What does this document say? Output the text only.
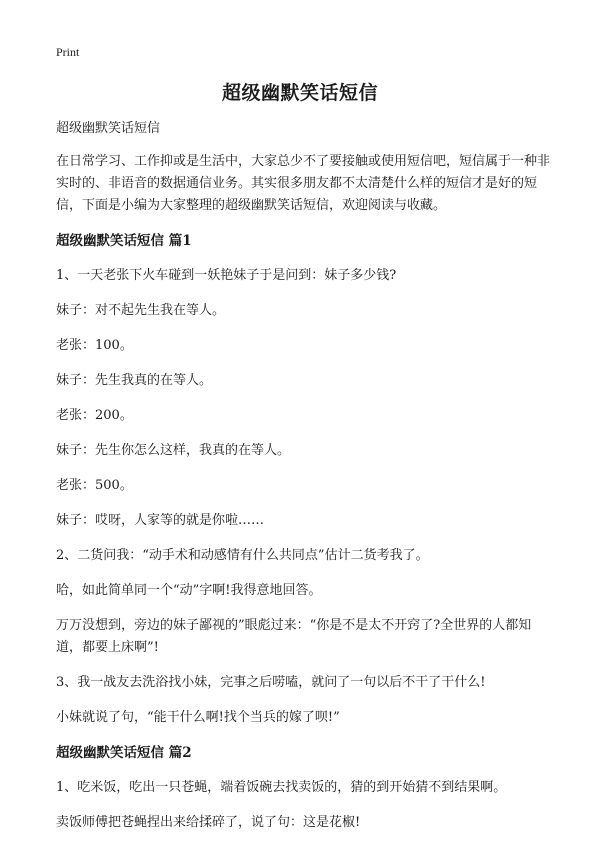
Print
超级幽默笑话短信
超级幽默笑话短信
在日常学习、工作抑或是生活中，大家总少不了要接触或使用短信吧，短信属于一种非实时的、非语音的数据通信业务。其实很多朋友都不太清楚什么样的短信才是好的短信，下面是小编为大家整理的超级幽默笑话短信，欢迎阅读与收藏。
超级幽默笑话短信 篇1
1、一天老张下火车碰到一妖艳妹子于是问到：妹子多少钱?
妹子：对不起先生我在等人。
老张：100。
妹子：先生我真的在等人。
老张：200。
妹子：先生你怎么这样，我真的在等人。
老张：500。
妹子：哎呀，人家等的就是你啦……
2、二货问我：“动手术和动感情有什么共同点”估计二货考我了。
哈，如此简单同一个“动”字啊!我得意地回答。
万万没想到，旁边的妹子鄙视的”眼彪过来：“你是不是太不开窍了?全世界的人都知道，都要上床啊”!
3、我一战友去洗浴找小妹，完事之后唠嗑，就问了一句以后不干了干什么!
小妹就说了句，“能干什么啊!找个当兵的嫁了呗!”
超级幽默笑话短信 篇2
1、吃米饭，吃出一只苍蝇，端着饭碗去找卖饭的，猜的到开始猜不到结果啊。
卖饭师傅把苍蝇捏出来给揉碎了，说了句：这是花椒!
